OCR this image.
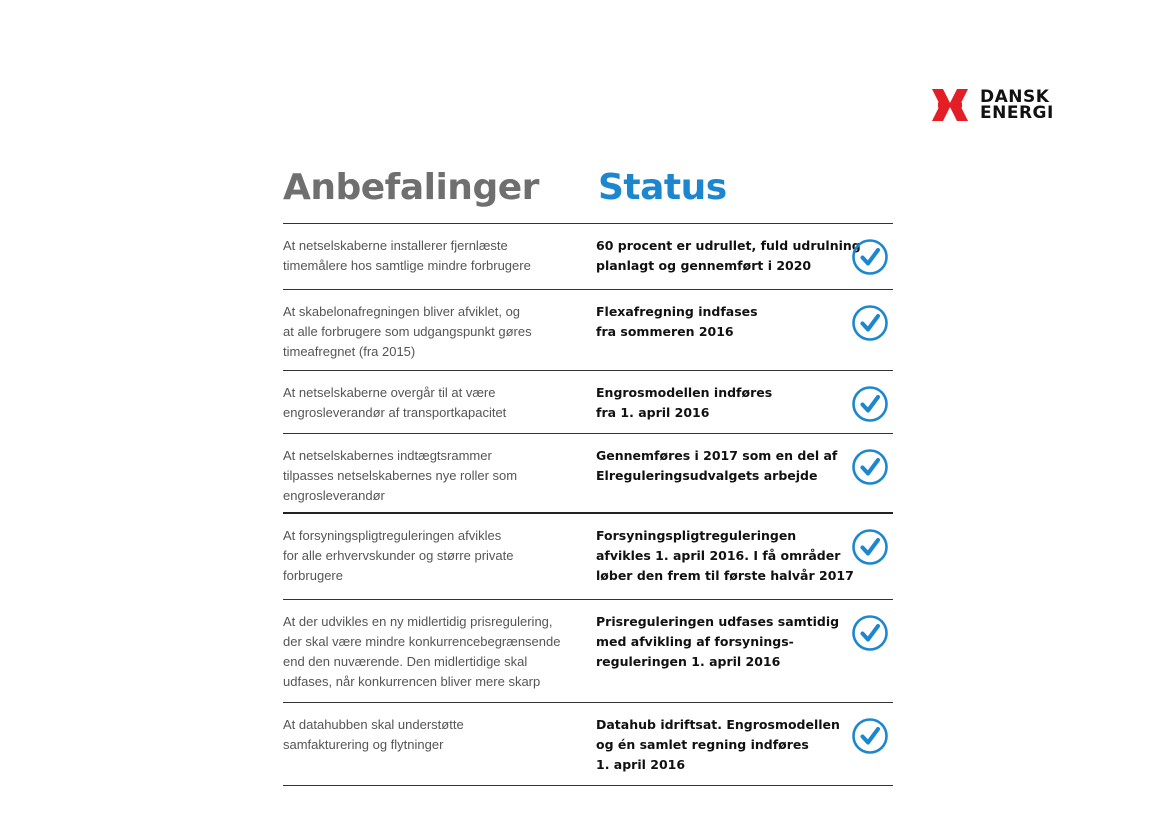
DANSK
ENERGI
Anbefalinger Status
At netselskaberne installerer fjernlæste
timemålere hos samtlige mindre forbrugere
60 procent er udrullet, fuld udrulning
planlagt og gennemført i 2020
At skabelonafregningen bliver afviklet, og
at alle forbrugere som udgangspunkt gøres
timeafregnet (fra 2015)
Flexafregning indfases
fra sommeren 2016
At netselskaberne overgår til at være
engrosleverandør af transportkapacitet
Engrosmodellen indføres
fra 1. april 2016
At netselskabernes indtægtsrammer
tilpasses netselskabernes nye roller som
engrosleverandør
Gennemføres i 2017 som en del af
Elreguleringsudvalgets arbejde
At forsyningspligtreguleringen afvikles
for alle erhvervskunder og større private
forbrugere
Forsyningspligtreguleringen
afvikles 1. april 2016. I få områder
løber den frem til første halvår 2017
At der udvikles en ny midlertidig prisregulering,
der skal være mindre konkurrencebegrænsende
end den nuværende. Den midlertidige skal
udfases, når konkurrencen bliver mere skarp
Prisreguleringen udfases samtidig
med afvikling af forsynings-
reguleringen 1. april 2016
At datahubben skal understøtte
samfakturering og flytninger
Datahub idriftsat. Engrosmodellen
og én samlet regning indføres
1. april 2016
